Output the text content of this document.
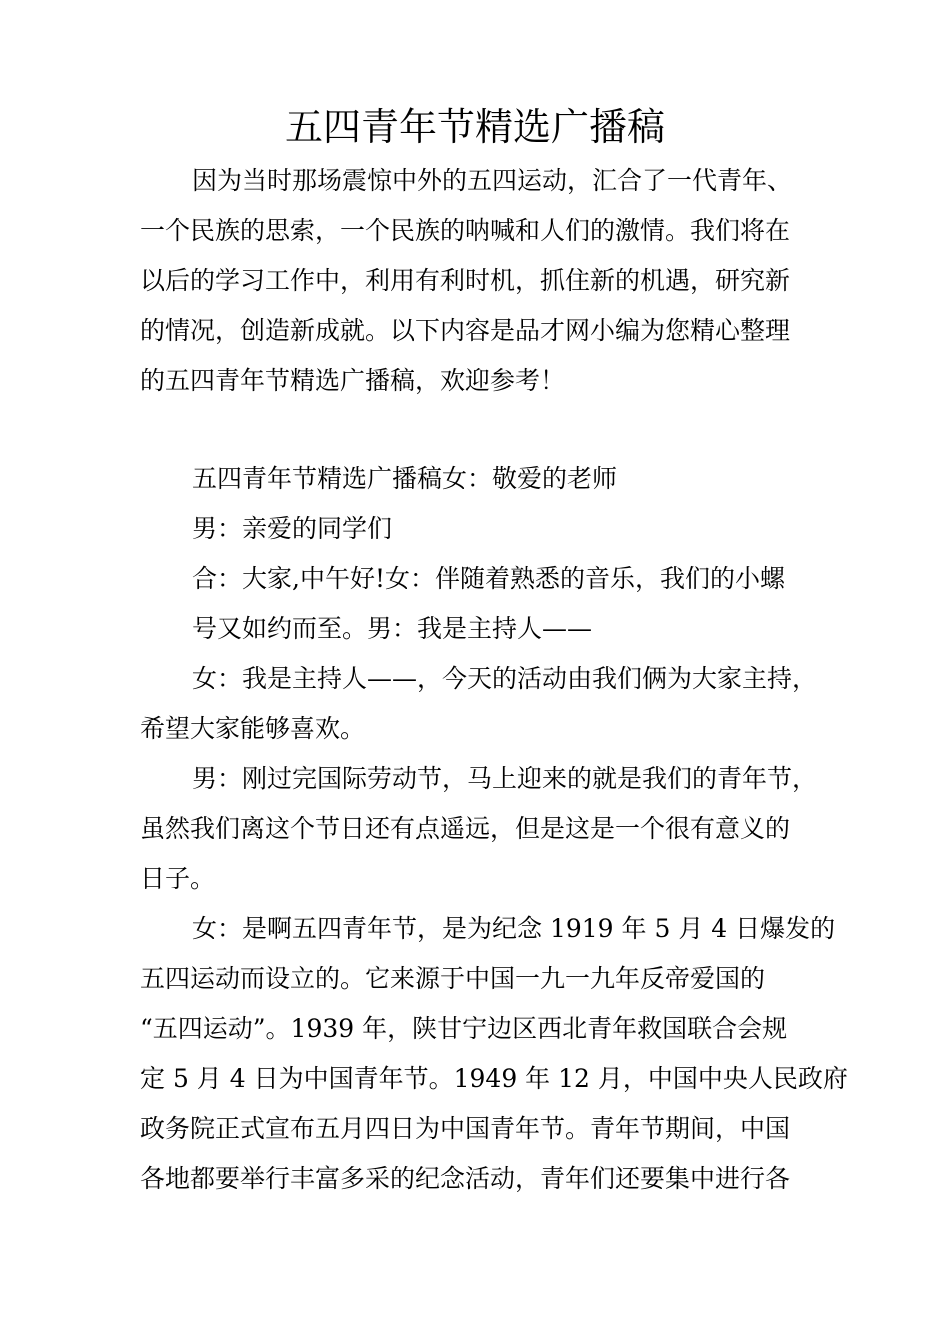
五四青年节精选广播稿
因为当时那场震惊中外的五四运动，汇合了一代青年、
一个民族的思索，一个民族的呐喊和人们的激情。我们将在
以后的学习工作中，利用有利时机，抓住新的机遇，研究新
的情况，创造新成就。以下内容是品才网小编为您精心整理
的五四青年节精选广播稿，欢迎参考！
五四青年节精选广播稿女：敬爱的老师
男：亲爱的同学们
合：大家,中午好!女：伴随着熟悉的音乐，我们的小螺
号又如约而至。男：我是主持人——
女：我是主持人——，今天的活动由我们俩为大家主持，
希望大家能够喜欢。
男：刚过完国际劳动节，马上迎来的就是我们的青年节，
虽然我们离这个节日还有点遥远，但是这是一个很有意义的
日子。
女：是啊五四青年节，是为纪念 1919 年 5 月 4 日爆发的
五四运动而设立的。它来源于中国一九一九年反帝爱国的
“五四运动”。1939 年，陕甘宁边区西北青年救国联合会规
定 5 月 4 日为中国青年节。1949 年 12 月，中国中央人民政府
政务院正式宣布五月四日为中国青年节。青年节期间，中国
各地都要举行丰富多采的纪念活动，青年们还要集中进行各
